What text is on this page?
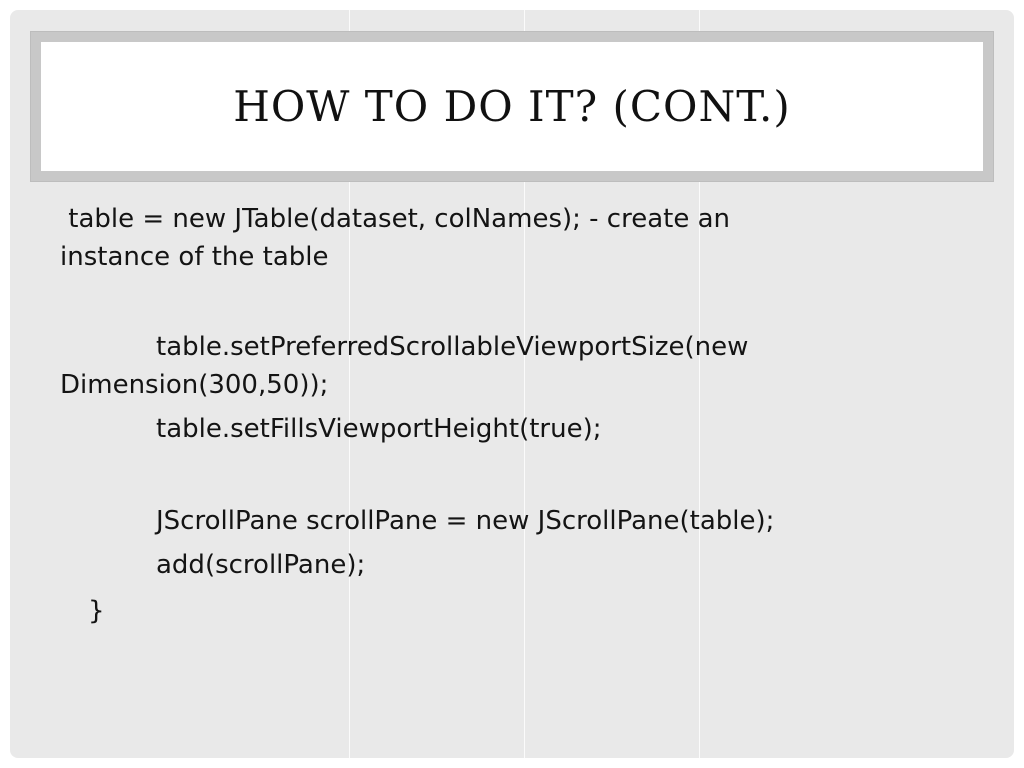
HOW TO DO IT? (CONT.)
table = new JTable(dataset, colNames); - create an
instance of the table
table.setPreferredScrollableViewportSize(new
Dimension(300,50));
table.setFillsViewportHeight(true);
JScrollPane scrollPane = new JScrollPane(table);
add(scrollPane);
}
